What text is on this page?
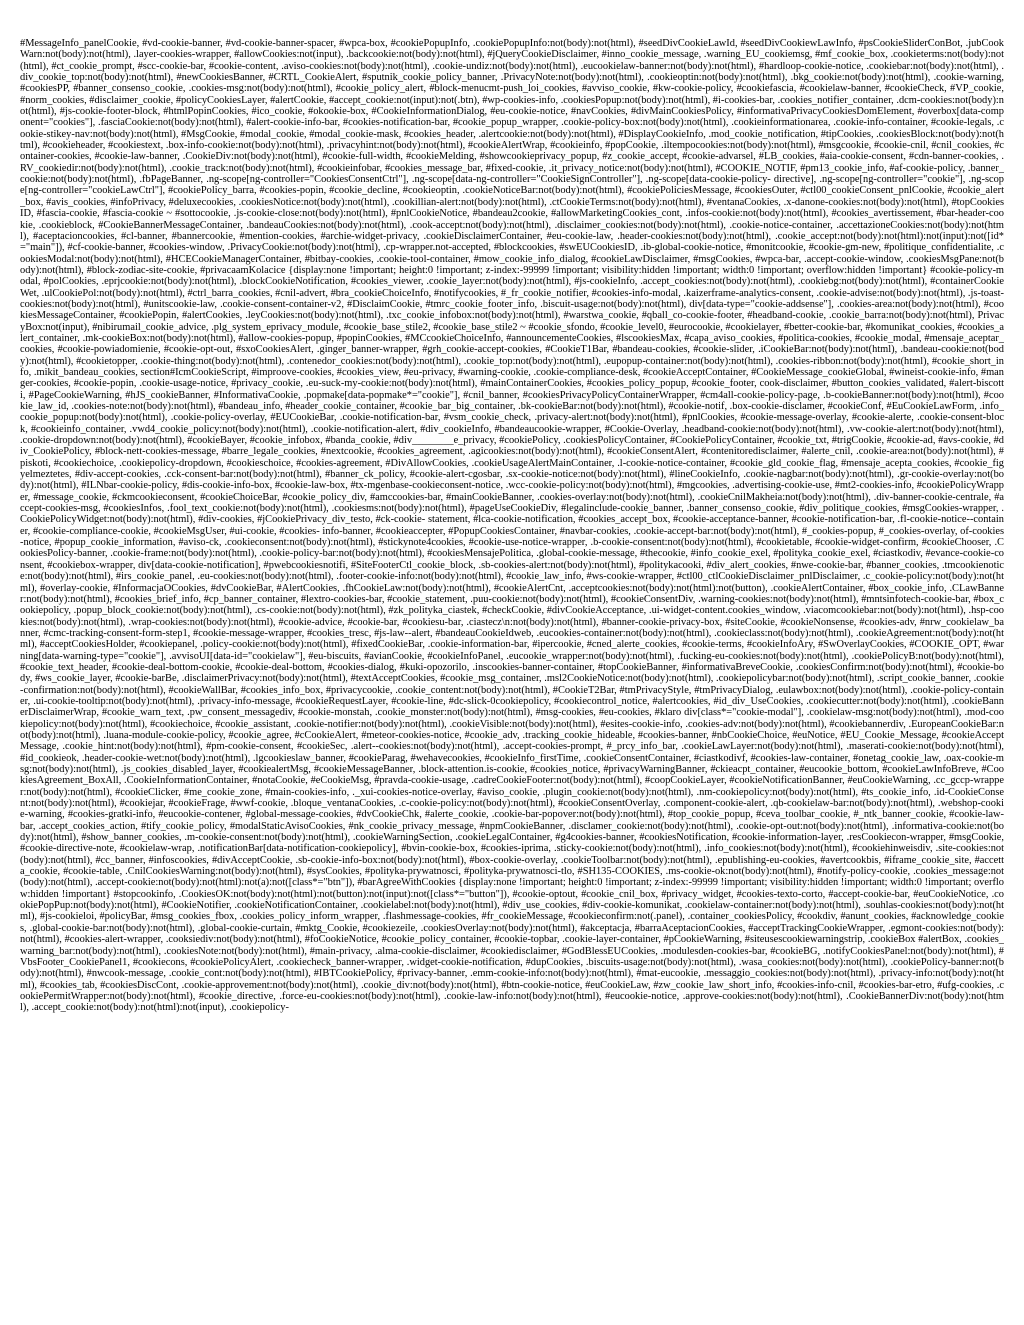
#MessageInfo_panelCookie, #vd-cookie-banner, #vd-cookie-banner-spacer, #wpca-box, #cookiePopupInfo, .cookiePopupInfo:not(body):not(html), #seedDivCookieLawId, #seedDivCookiewLawInfo, #psCookieSliderConBot, .jubCookWarn:not(body):not(html), .layer-cookies-wrapper, #allowCookies:not(input), .backcookie:not(body):not(html), #jQueryCookieDisclaimer, #inno_cookie_message, .warning_EU_cookiemsg, #mf_cookie_box, .cookieterms:not(body):not(html), #ct_cookie_prompt, #scc-cookie-bar, #cookie-content, .aviso-cookies:not(body):not(html), .cookie-undiz:not(body):not(html), .eucookielaw-banner:not(body):not(html), #hardloop-cookie-notice, .cookiebar:not(body):not(html), .div_cookie_top:not(body):not(html), #newCookiesBanner, #CRTL_CookieAlert, #sputnik_cookie_policy_banner, .PrivacyNote:not(body):not(html), .cookieoptin:not(body):not(html), .bkg_cookie:not(body):not(html), .cookie-warning, #cookiesPP, #banner_consenso_cookie, .cookies-msg:not(body):not(html), #cookie_policy_alert, #block-menucmt-push_loi_cookies, #avviso_cookie, #kw-cookie-policy, #cookiefascia, #cookielaw-banner, #cookieCheck, #VP_cookie, #norm_cookies, #disclaimer_cookie, #policyCookiesLayer, #alertCookie, #accept_cookie:not(input):not(.btn), #wp-cookies-info, .cookiesPopup:not(body):not(html), #i-cookies-bar, .cookies_notifier_container, .dcm-cookies:not(body):not(html), #js-cookie-footer-block, #htmlPopinCookies, #ico_cookie, #okookie-box, #CookieInformationDialog, #eu-cookie-notice, #navCookies, #divMainCookiesPolicy, #informativaPrivacyCookiesDomElement, #overbox[data-component="cookies"], .fasciaCookie:not(body):not(html), #alert-cookie-info-bar, #cookies-notification-bar, #cookie_popup_wrapper, .cookie-policy-box:not(body):not(html), .cookieinformationarea, .cookie-info-container, #cookie-legals, .cookie-stikey-nav:not(body):not(html), #MsgCookie, #modal_cookie, #modal_cookie-mask, #cookies_header, .alertcookie:not(body):not(html), #DisplayCookieInfo, .mod_cookie_notification, #tipCookies, .cookiesBlock:not(body):not(html), #cookieheader, #cookiestext, .box-info-cookie:not(body):not(html), .privacyhint:not(body):not(html), #cookieAlertWrap, #cookieinfo, #popCookie, .iltempocookies:not(body):not(html), #msgcookie, #cookie-cnil, #cnil_cookies, #container-cookies, #cookie-law-banner, .CookieDiv:not(body):not(html), #cookie-full-width, #cookieMelding, #showcookieprivacy_popup, #z_cookie_accept, #cookie-advarsel, #LB_cookies, #aia-cookie-consent, #cdn-banner-cookies, .RV_cookiedir:not(body):not(html), .cookie_track:not(body):not(html), #cookieinfobar, #cookies_message_bar, #fixed-cookie, .it_privacy_notice:not(body):not(html), #COOKIE_NOTIF, #pm13_cookie_info, #af-cookie-policy, .banner_cookie:not(body):not(html), .fbPageBanner, .ng-scope[ng-controller="CookiesConsentCtrl"], .ng-scope[data-ng-controller="CookieSignController"], .ng-scope[data-cookie-policy- directive], .ng-scope[ng-controller="cookie"], .ng-scope[ng-controller="cookieLawCtrl"], #cookiePolicy_barra, #cookies-popin, #cookie_decline, #cookieoptin, .cookieNoticeBar:not(body):not(html), #cookiePoliciesMessage, #cookiesOuter, #ctl00_cookieConsent_pnlCookie, #cookie_alert_box, #avis_cookies, #infoPrivacy, #deluxecookies, .cookiesNotice:not(body):not(html), .cookillian-alert:not(body):not(html), .ctCookieTerms:not(body):not(html), #ventanaCookies, .x-danone-cookies:not(body):not(html), #topCookiesID, #fascia-cookie, #fascia-cookie ~ #sottocookie, .js-cookie-close:not(body):not(html), #pnlCookieNotice, #bandeau2cookie, #allowMarketingCookies_cont, .infos-cookie:not(body):not(html), #cookies_avertissement, #bar-header-cookie, .cookieblock, #CookieBannerMessageContainer, .bandeauCookies:not(body):not(html), .cook-accept:not(body):not(html), .disclaimer_cookies:not(body):not(html), .cookie-notice-container, .accettazioneCookies:not(body):not(html), #aceptacioncookies, #cl-banner, #bannercookie, #mention-cookies, #archie-widget-privacy, .cookieDisclaimerContainer, #eu-cookie-law, .header-cookies:not(body):not(html), .cookie_accept:not(body):not(html):not(input):not([id*="main"]), #cf-cookie-banner, #cookies-window, .PrivacyCookie:not(body):not(html), .cp-wrapper.not-accepted, #blockcookies, #swEUCookiesID, .ib-global-cookie-notice, #monitcookie, #cookie-gm-new, #politique_confidentialite, .cookiesModal:not(body):not(html), #HCECookieManagerContainer, #bitbay-cookies, .cookie-tool-container, #mow_cookie_info_dialog, #cookieLawDisclaimer, #msgCookies, #wpca-bar, .accept-cookie-window, .cookiesMsgPane:not(body):not(html), #block-zodiac-site-cookie, #privacaamKolacice {display:none !important; height:0 !important; z-index:-99999 !important; visibility:hidden !important; width:0 !important; overflow:hidden !important} #cookie-policy-modal, #polCookies, .eprjcookie:not(body):not(html), .blockCookieNotification, #cookies_viewer, .cookie_layer:not(body):not(html), #js-cookieInfo, .accept_cookies:not(body):not(html), .cookiebg:not(body):not(html), #containerCookieWet, .ulCookiePol:not(body):not(html), #ctrl_barra_cookies, #cnil-advert, #bra_cookieChoiceInfo, #notifycookies, #_fr_cookie_notifier, #cookies-info-modal, .kaizerframe-analytics-consent, .cookie-advise:not(body):not(html), .js-toast-cookies:not(body):not(html), #unitscookie-law, .cookie-consent-container-v2, #DisclaimCookie, #tmrc_cookie_footer_info, .biscuit-usage:not(body):not(html), div[data-type="cookie-addsense"], .cookies-area:not(body):not(html), #cookiesMessageContainer, #cookiePopin, #alertCookies, .leyCookies:not(body):not(html), .txc_cookie_infobox:not(body):not(html), #warstwa_cookie, #qball_co-cookie-footer, #headband-cookie, .cookie_barra:not(body):not(html), PrivacyBox:not(input), #nibirumail_cookie_advice, .plg_system_eprivacy_module, #cookie_base_stile2, #cookie_base_stile2 ~ #cookie_sfondo, #cookie_level0, #eurocookie, #cookielayer, #better-cookie-bar, #komunikat_cookies, #cookies_alert_container, .mk-cookieBox:not(body):not(html), #allow-cookies-popup, #popinCookies, #MCcookieChoiceInfo, #announcementeCookies, #lscookiesMax, #capa_aviso_cookies, #politica-cookies, #cookie_modal, #mensaje_aceptar_cookies, #cookie-powiadomienie, #cookie-opt-out, #sxoCookiesAlert, .ginger_banner-wrapper, #grh_cookie-accept-cookies, #CookieT1Bar, #bandeau-cookies, #cookie-slider, .iCookieBar:not(body):not(html), .bandeau-cookie:not(body):not(html), #cookietopper, .cookie-thing:not(body):not(html), .contenedor_cookies:not(body):not(html), .cookie_top:not(body):not(html), .eupopup-container:not(body):not(html), .cookies-ribbon:not(body):not(html), #cookie_short_info, .mikit_bandeau_cookies, section#IcmCookieScript, #improove-cookies, #cookies_view, #eu-privacy, #warning-cookie, .cookie-compliance-desk, #cookieAcceptContainer, #CookieMessage_cookieGlobal, #wineist-cookie-info, #manger-cookies, #cookie-popin, .cookie-usage-notice, #privacy_cookie, .eu-suck-my-cookie:not(body):not(html), #mainContainerCookies, #cookies_policy_popup, #cookie_footer, cook-disclaimer, #button_cookies_validated, #alert-biscotti, #PageCookieWarning, #hJS_cookieBanner, #InformativaCookie, .popmake[data-popmake*="cookie"], #cnil_banner, #cookiesPrivacyPolicyContainerWrapper, #cm4all-cookie-policy-page, .b-cookieBanner:not(body):not(html), #cookie_law_id, .cookies-note:not(body):not(html), #bandeau_info, #header_cookie_container, #cookie_bar_big_container, .bk-cookieBar:not(body):not(html), #cookie-notif, .box-cookie-disclamer, #cookieConf, #EuCookieLawForm, .info_cookie_popup:not(body):not(html), .cookie-policy-overlay, #EUCookieBar, .cookie-notification-bar, #vsm_cookie_check, .privacy-alert:not(body):not(html), #pnlCookies, #cookie-message-overlay, #cookie-alerte, .cookie-consent-block, #cookieinfo_container, .vwd4_cookie_policy:not(body):not(html), .cookie-notification-alert, #div_cookieInfo, #bandeaucookie-wrapper, #Cookie-Overlay, .headband-cookie:not(body):not(html), .vw-cookie-alert:not(body):not(html), .cookie-dropdown:not(body):not(html), #cookieBayer, #cookie_infobox, #banda_cookie, #div________e_privacy, #cookiePolicy, .cookiesPolicyContainer, #CookiePolicyContainer, #cookie_txt, #trigCookie, #cookie-ad, #avs-cookie, #div_CookiePolicy, #block-nett-cookies-message, #barre_legale_cookies, #nextcookie, #cookies_agreement, .agicookies:not(body):not(html), #cookieConsentAlert, #contenitoredisclaimer, #alerte_cnil, .cookie-area:not(body):not(html), #piskoti, #cookiechoice, .cookiepolicy-dropdown, #cookieschoice, #cookies-agreement, #DivAllowCookies, .cookieUsageAlertMainContainer, .l-cookie-notice-container, #cookie_gld_cookie_flag, #mensaje_acepta_cookies, #cookie_figyelmeztetes, #div-accept-cookies, .cck-consent-bar:not(body):not(html), #banner_ck_policy, #cookie-alert-cgosbar, .sx-cookie-notice:not(body):not(html), #lineCookieInfo, .cookie-nagbar:not(body):not(html), .gr-cookie-overlay:not(body):not(html), #ILNbar-cookie-policy, #dis-cookie-info-box, #cookie-law-box, #tx-mgenbase-cookieconsent-notice, .wcc-cookie-policy:not(body):not(html), #mgcookies, .advertising-cookie-use, #mt2-cookies-info, #cookiePolicyWrapper, #message_cookie, #ckmcookieconsent, #cookieChoiceBar, #cookie_policy_div, #amccookies-bar, #mainCookieBanner, .cookies-overlay:not(body):not(html), .cookieCnilMakheia:not(body):not(html), .div-banner-cookie-centrale, #accept-cookies-msg, #cookiesInfos, .fool_text_cookie:not(body):not(html), .cookiesms:not(body):not(html), #pageUseCookieDiv, #legalinclude-cookie_banner, .banner_consenso_cookie, #div_politique_cookies, #msgCookies-wrapper, .CookiePolicyWidget:not(body):not(html), #div-cookies, #jCookiePrivacy_div_testo, #ck-cookie- statement, #lca-cookie-notification, #cookies_accept_box, #cookie-acceptance-banner, #cookie-notification-bar, .fl-cookie-notice--container, #cookie-compliance-cookie, #cookieMsgUser, #ui-cookie, #cookies- info-banner, #cookieaccepter, #PopupCookiesContainer, #navbar-cookies, .cookie-accept-bar:not(body):not(html), #_cookies-popup, #_cookies-overlay, of-cookies-notice, #popup_cookie_information, #aviso-ck, .cookieconsent:not(body):not(html), #stickynote4cookies, #cookie-use-notice-wrapper, .b-cookie-consent:not(body):not(html), #cookietable, #cookie-widget-confirm, #cookieChooser, .CookiesPolicy-banner, .cookie-frame:not(body):not(html), .cookie-policy-bar:not(body):not(html), #cookiesMensajePolitica, .global-cookie-message, #thecookie, #info_cookie_exel, #polityka_cookie_exel, #ciastkodiv, #evance-cookie-consent, #cookiebox-wrapper, div[data-cookie-notification], #pwebcookiesnotifi, #SiteFooterCtl_cookie_block, .sb-cookies-alert:not(body):not(html), #politykacooki, #div_alert_cookies, #nwe-cookie-bar, #banner_cookies, .tmcookienotice:not(body):not(html), #irs_cookie_panel, .eu-cookies:not(body):not(html), .footer-cookie-info:not(body):not(html), #cookie_law_info, #ws-cookie-wrapper, #ctl00_ctlCookieDisclaimer_pnlDisclaimer, .c_cookie-policy:not(body):not(html), #overlay-cookie, #InformacjaOCookies, #dvCookieBar, #AlertCookies, .fhCookieLaw:not(body):not(html), #cookieAlertCnt, .acceptcookies:not(body):not(html):not(button), .cookieAlertContainer, #box_cookie_info, .CLawBanner:not(body):not(html), #cookies_brief_info, #cp_banner_container, #lextro-cookies-bar, #cookie_statement, .puu-cookie:not(body):not(html), #cookieConsentDiv, .warning-cookies:not(body):not(html), #mntsinfotech-cookie-bar, #box_cookiepolicy, .popup_block_cookie:not(body):not(html), .cs-cookie:not(body):not(html), #zk_polityka_ciastek, #checkCookie, #divCookieAcceptance, .ui-widget-content.cookies_window, .viacomcookiebar:not(body):not(html), .hsp-cookies:not(body):not(html), .wrap-cookies:not(body):not(html), #cookie-advice, #cookie-bar, #cookiesu-bar, .ciastecz\n:not(body):not(html), #banner-cookie-privacy-box, #siteCookie, #cookieNonsense, #cookies-adv, #nrw_cookielaw_banner, #cmc-tracking-consent-form-step1, #cookie-message-wrapper, #cookies_tresc, #js-law--alert, #bandeauCookieIdweb, .eucookies-container:not(body):not(html), .cookieclass:not(body):not(html), .cookieAgreement:not(body):not(html), #acceptCookiesHolder, #cookiepanel, .policy-cookie:not(body):not(html), #fixedCookieBar, .cookie-information-bar, #ipercookie, #cned_alerte_cookies, #cookie-terms, #cookieInfoAry, #SwOverlayCookies, #COOKIE_OPT, #warning[data-warning-type="cookie"], .avvisoUI[data-id="cookielaw"], #eu-biscuits, #avianCookie, #cookieInfoPanel, .eucookie_wrapper:not(body):not(html), .fucking-eu-cookies:not(body):not(html), .cookiePolicyB:not(body):not(html), #cookie_text_header, #cookie-deal-bottom-cookie, #cookie-deal-bottom, #cookies-dialog, #kuki-opozorilo, .inscookies-banner-container, #topCookieBanner, #informativaBreveCookie, .cookiesConfirm:not(body):not(html), #cookie-body, #ws_cookie_layer, #cookie-barBe, .disclaimerPrivacy:not(body):not(html), #textAcceptCookies, #cookie_msg_container, .msl2CookieNotice:not(body):not(html), .cookiepolicybar:not(body):not(html), .script_cookie_banner, .cookie-confirmation:not(body):not(html), #cookieWallBar, #cookies_info_box, #privacycookie, .cookie_content:not(body):not(html), #CookieT2Bar, #tmPrivacyStyle, #tmPrivacyDialog, .eulawbox:not(body):not(html), .cookie-policy-container, .ui-cookie-tooltip:not(body):not(html), .privacy-info-message, #cookieRequestLayer, #cookie-line, #dc-slick-0cookiepolicy, #cookiecontrol_notice, #alertcookies, #id_div_UseCookies, .cookiecutter:not(body):not(html), .cookieBannerDisclaimerWrap, #cookie_warn_text, .pw_consent_messagediv, #cookie-monstah, .cookie_monster:not(body):not(html), #msg-cookies, #eu-cookies, #klaro div[class*="cookie-modal"], .cookielaw-msg:not(body):not(html), .mod-cookiepolicy:not(body):not(html), #cookiechoice, #cookie_assistant, .cookie-notifier:not(body):not(html), .cookieVisible:not(body):not(html), #esites-cookie-info, .cookies-adv:not(body):not(html), #cookiebannerdiv, .EuropeanCookieBar:not(body):not(html), .luana-module-cookie-policy, #cookie_agree, #cCookieAlert, #meteor-cookies-notice, #cookie_adv, .tracking_cookie_hideable, #cookies-banner, #nbCookieChoice, #euNotice, #EU_Cookie_Message, #cookieAcceptMessage, .cookie_hint:not(body):not(html), #pm-cookie-consent, #cookieSec, .alert--cookies:not(body):not(html), .accept-cookies-prompt, #_prcy_info_bar, .cookieLawLayer:not(body):not(html), .maserati-cookie:not(body):not(html), #id_cookieok, .header-cookie-wet:not(body):not(html), .lgcookieslaw_banner, #cookieParag, #wehavecookies, #cookieInfo_firstTime, .cookieConsentContainer, #ciastkodivf, #cookies-law-container, #onetag_cookie_law, .oax-cookie-msg:not(body):not(html), .js_cookies_disabled_layer, #cookiealertMsg, #cookieMessageBanner, .block-attention.is-cookie, #cookies_notice, #privacyWarningBanner, #ckieacpt_container, #eucookie_bottom, #cookieLawInfoBreve, #CookiesAgreement_BoxAll, .CookieInformationContainer, #notaCookie, #eCookieMsg, #pravda-cookie-usage, .cadreCookieFooter:not(body):not(html), #coopCookieLayer, #cookieNotificationBanner, #euCookieWarning, .cc_gccp-wrapper:not(body):not(html), #cookieClicker, #me_cookie_zone, #main-cookies-info, ._xui-cookies-notice-overlay, #aviso_cookie, .plugin_cookie:not(body):not(html), .nm-cookiepolicy:not(body):not(html), #ts_cookie_info, .id-CookieConsent:not(body):not(html), #cookiejar, #cookieFrage, #wwf-cookie, .bloque_ventanaCookies, .c-cookie-policy:not(body):not(html), #cookieConsentOverlay, .component-cookie-alert, .qb-cookielaw-bar:not(body):not(html), .webshop-cookie-warning, #cookies-gratki-info, #eucookie-contener, #global-message-cookies, #dvCookieChk, #alerte_cookie, .cookie-bar-popover:not(body):not(html), #top_cookie_popup, #ceva_toolbar_cookie, #_ntk_banner_cookie, #cookie-law-bar, .accept_cookies_action, #tify_cookie_policy, #modalStaticAvisoCookies, #nk_cookie_privacy_message, #npmCookieBanner, .disclamer_cookie:not(body):not(html), .cookie-opt-out:not(body):not(html), .informativa-cookie:not(body):not(html), #show_banner_cookies, .m-cookie-consent:not(body):not(html), .cookieWarningSection, .cookieLegalContainer, #g4cookies-banner, #cookiesNotification, #cookie-information-layer, .resCookiecon-wrapper, #msgCookie, #cookie-directive-note, #cookielaw-wrap, .notificationBar[data-notification-cookiepolicy], #bvin-cookie-box, #cookies-iprima, .sticky-cookie:not(body):not(html), .info_cookies:not(body):not(html), #cookiehinweisdiv, .site-cookies:not(body):not(html), #cc_banner, #infoscookies, #divAcceptCookie, .sb-cookie-info-box:not(body):not(html), #box-cookie-overlay, .cookieToolbar:not(body):not(html), .epublishing-eu-cookies, #avertcookbis, #iframe_cookie_site, #accetta_cookie, #cookie-table, .CnilCookiesWarning:not(body):not(html), #sysCookies, #polityka-prywatnosci, #polityka-prywatnosci-tlo, #SH135-COOKIES, .ms-cookie-ok:not(body):not(html), #notify-policy-cookie, .cookies_message:not(body):not(html), .accept-cookie:not(body):not(html):not(a):not([class*="btn"]), #barAgreeWithCookies {display:none !important; height:0 !important; z-index:-99999 !important; visibility:hidden !important; width:0 !important; overflow:hidden !important} #stopcookinfo, .CookiesOK:not(body):not(html):not(button):not(input):not([class*="button"]), #cookie-optout, #cookie_cnil_box, #privacy_widget, #cookies-texto-corto, #accept-cookie-bar, #euCookieNotice, .cookiePopPup:not(body):not(html), #CookieNotifier, .cookieNotificationContainer, .cookielabel:not(body):not(html), #div_use_cookies, #div-cookie-komunikat, .cookielaw-container:not(body):not(html), .souhlas-cookies:not(body):not(html), #js-cookieloi, #policyBar, #msg_cookies_fbox, .cookies_policy_inform_wrapper, .flashmessage-cookies, #fr_cookieMessage, #cookieconfirm:not(.panel), .container_cookiesPolicy, #cookdiv, #anunt_cookies, #acknowledge_cookies, .global-cookie-bar:not(body):not(html), .global-cookie-curtain, #mktg_Cookie, #cookiezeile, .cookiesOverlay:not(body):not(html), #akceptacja, #barraAceptacionCookies, #acceptTrackingCookieWrapper, .egmont-cookies:not(body):not(html), #cookies-alert-wrapper, .cooksiediv:not(body):not(html), #foCookieNotice, #cookie_policy_container, #cookie-topbar, .cookie-layer-container, #pCookieWarning, #siteusescookiewarningstrip, .cookieBox #alertBox, .cookies_warning_bar:not(body):not(html), .cookiesNote:not(body):not(html), #main-privacy, .alma-cookie-disclaimer, #cookiedisclaimer, #GodBlessEUCookies, .modulesden-cookies-bar, #cookieBG, .notifyCookiesPanel:not(body):not(html), #VbsFooter_CookiePanel1, #cookiecons, #cookiePolicyAlert, .cookiecheck_banner-wrapper, .widget-cookie-notification, #dupCookies, .biscuits-usage:not(body):not(html), .wasa_cookies:not(body):not(html), .cookiePolicy-banner:not(body):not(html), #nwcook-message, .cookie_cont:not(body):not(html), #IBTCookiePolicy, #privacy-banner, .emm-cookie-info:not(body):not(html), #mat-eucookie, .messaggio_cookies:not(body):not(html), .privacy-info:not(body):not(html), #cookies_tab, #cookiesDiscCont, .cookie-approvement:not(body):not(html), .cookie_div:not(body):not(html), #btn-cookie-notice, #euCookieLaw, #zw_cookie_law_short_info, #cookies-info-cnil, #cookies-bar-etro, #ufg-cookies, .cookiePermitWrapper:not(body):not(html), #cookie_directive, .force-eu-cookies:not(body):not(html), .cookie-law-info:not(body):not(html), #eucookie-notice, .approve-cookies:not(body):not(html), .CookieBannerDiv:not(body):not(html), .accept_cookie:not(body):not(html):not(input), .cookiepolicy-
